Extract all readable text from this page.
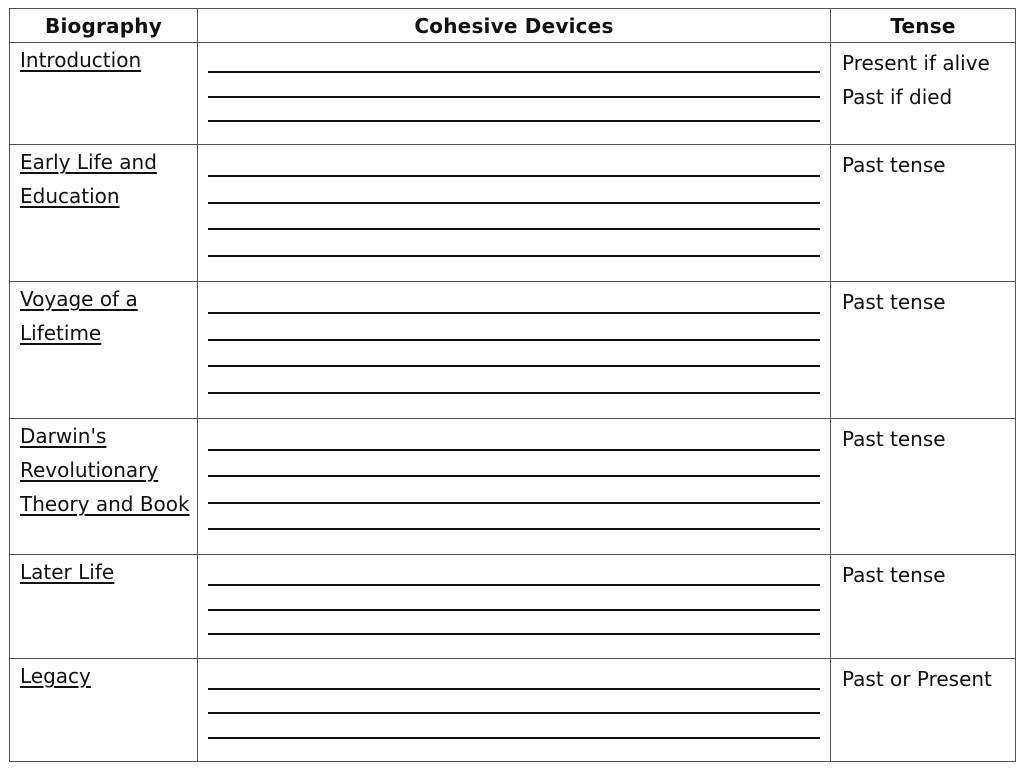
Biography	Cohesive Devices	Tense

Introduction		Present if alive Past if died

Early Life and Education		Past tense

Voyage of a Lifetime		Past tense

Darwin's Revolutionary Theory and Book		Past tense

Later Life		Past tense

Legacy		Past or Present
